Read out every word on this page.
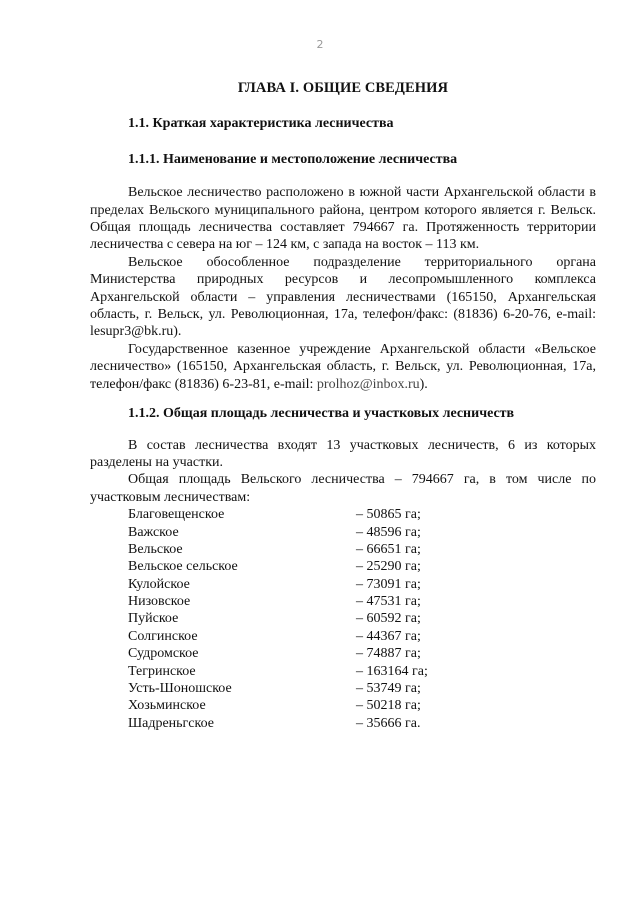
2
ГЛАВА I. ОБЩИЕ СВЕДЕНИЯ
1.1. Краткая характеристика лесничества
1.1.1. Наименование и местоположение лесничества

Вельское лесничество расположено в южной части Архангельской области в пределах Вельского муниципального района, центром которого является г. Вельск. Общая площадь лесничества составляет 794667 га. Протяженность территории лесничества с севера на юг – 124 км, с запада на восток – 113 км.

Вельское обособленное подразделение территориального органа Министерства природных ресурсов и лесопромышленного комплекса Архангельской области – управления лесничествами (165150, Архангельская область, г. Вельск, ул. Революционная, 17а, телефон/факс: (81836) 6-20-76, e-mail: lesupr3@bk.ru).

Государственное казенное учреждение Архангельской области «Вельское лесничество» (165150, Архангельская область, г. Вельск, ул. Революционная, 17а, телефон/факс (81836) 6-23-81, e-mail: prolhoz@inbox.ru).

1.1.2. Общая площадь лесничества и участковых лесничеств

В состав лесничества входят 13 участковых лесничеств, 6 из которых разделены на участки.

Общая площадь Вельского лесничества – 794667 га, в том числе по участковым лесничествам:

Благовещенское	– 50865 га;
Важское	– 48596 га;
Вельское	– 66651 га;
Вельское сельское	– 25290 га;
Кулойское	– 73091 га;
Низовское	– 47531 га;
Пуйское	– 60592 га;
Солгинское	– 44367 га;
Судромское	– 74887 га;
Тегринское	– 163164 га;
Усть-Шоношское	– 53749 га;
Хозьминское	– 50218 га;
Шадреньгское	– 35666 га.
